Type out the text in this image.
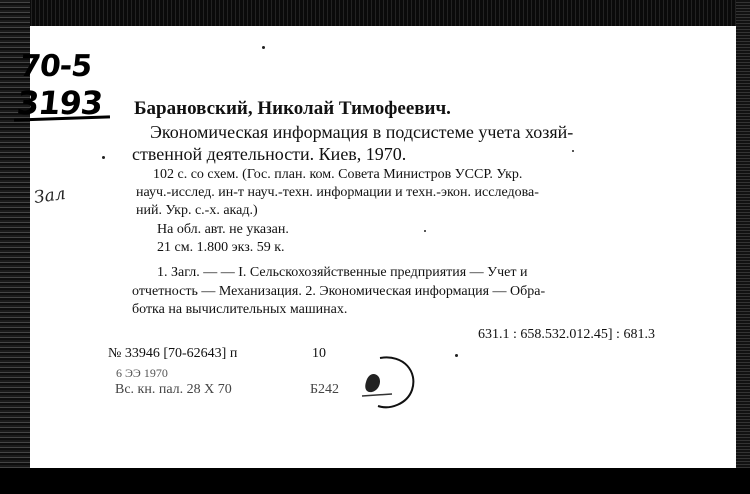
70-5
3193
Зал
Барановский, Николай Тимофеевич.
Экономическая информация в подсистеме учета хозяй-
ственной деятельности. Киев, 1970.
102 с. со схем. (Гос. план. ком. Совета Министров УССР. Укр.
науч.-исслед. ин-т науч.-техн. информации и техн.-экон. исследова-
ний. Укр. с.-х. акад.)
На обл. авт. не указан.
21 см. 1.800 экз. 59 к.
1. Загл. — — I. Сельскохозяйственные предприятия — Учет и
отчетность — Механизация. 2. Экономическая информация — Обра-
ботка на вычислительных машинах.
631.1 : 658.532.012.45] : 681.3
№ 33946 [70-62643] п	10
6 ЭЭ 1970
Вс. кн. пал. 28 X 70	Б242
